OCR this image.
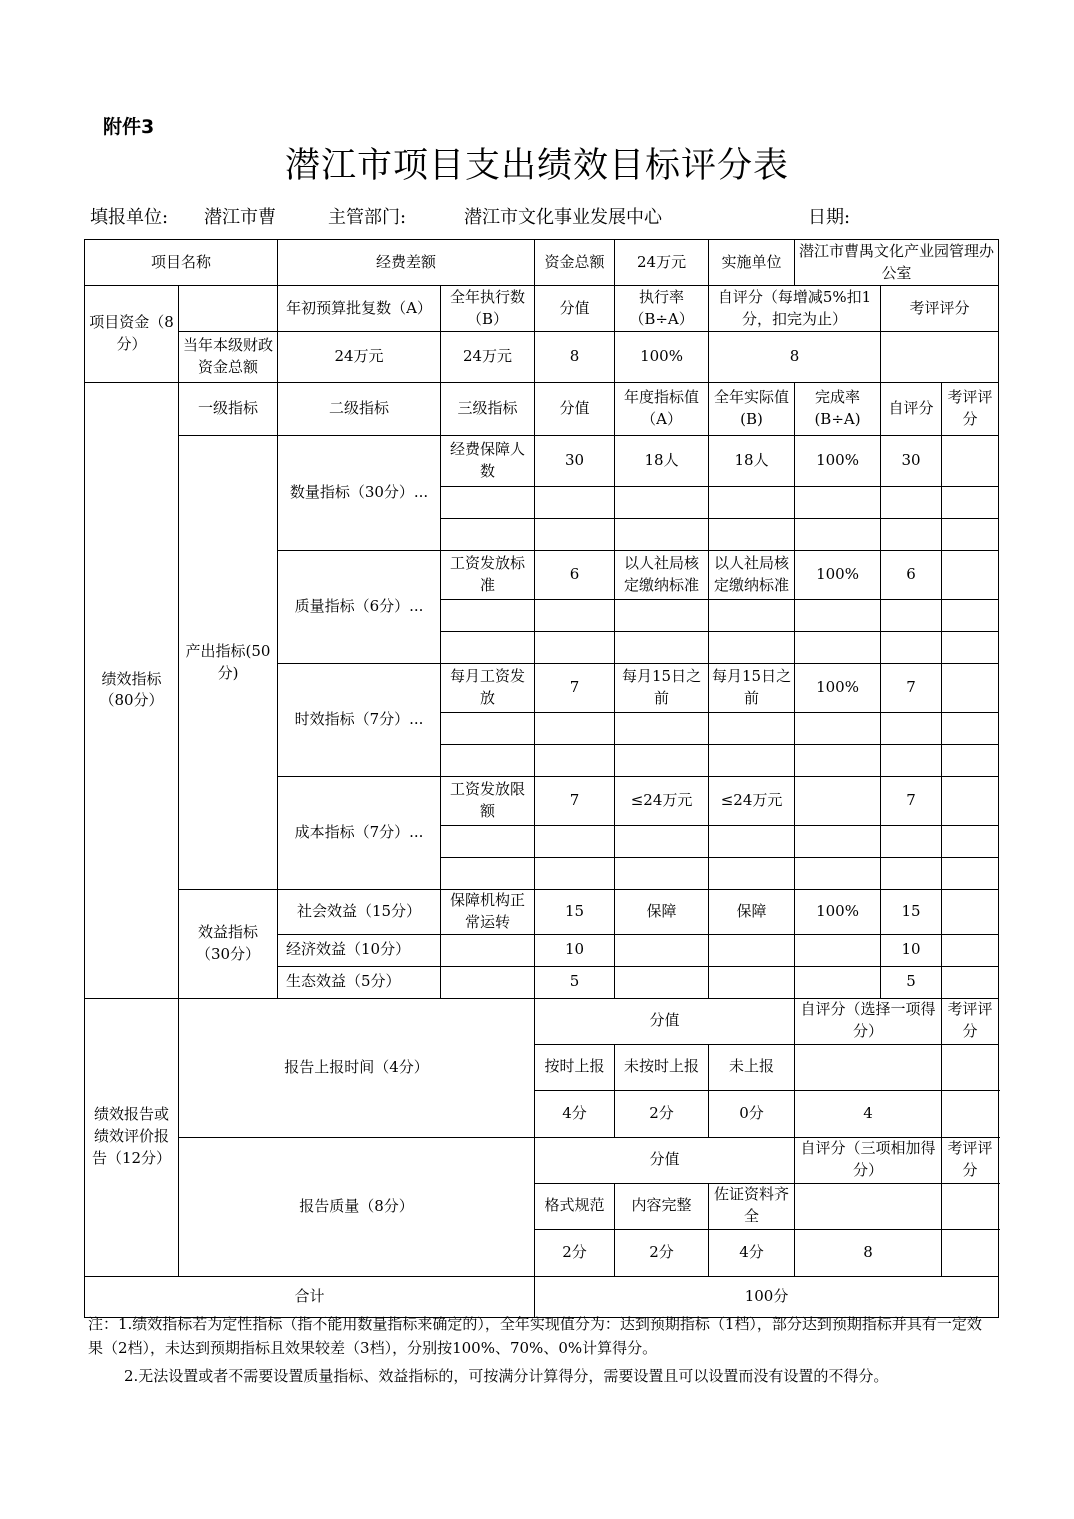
附件3
潜江市项目支出绩效目标评分表
填报单位: 潜江市曹	主管部门:	潜江市文化事业发展中心	日期:
项目名称		经费差额		资金总额	24万元	实施单位	潜江市曹禺文化产业园管理办公室			
项目资金（8分）		年初预算批复数（A）	全年执行数（B）	分值	执行率（B÷A）	自评分（每增减5%扣1分，扣完为止）		考评评分		
	当年本级财政资金总额	24万元	24万元	8	100%	8				
绩效指标（80分）	一级指标	二级指标	三级指标	分值	年度指标值（A）	全年实际值(B)	完成率(B÷A)	自评分	考评评分	
	产出指标(50分)	数量指标（30分）...	经费保障人数	30	18人	18人	100%	30		

		质量指标（6分）...	工资发放标准	6	以人社局核定缴纳标准	以人社局核定缴纳标准	100%	6		

		时效指标（7分）...	每月工资发放	7	每月15日之前	每月15日之前	100%	7		

		成本指标（7分）...	工资发放限额	7	≤24万元	≤24万元		7		

	效益指标（30分）	社会效益（15分）	保障机构正常运转	15	保障	保障	100%	15		
		经济效益（10分）		10				10		
		生态效益（5分）		5				5		
绩效报告或绩效评价报告（12分）	报告上报时间（4分）			分值			自评分（选择一项得分）		考评评分	
				按时上报	未按时上报	未上报				
				4分	2分	0分	4			
	报告质量（8分）			分值			自评分（三项相加得分）		考评评分	
				格式规范	内容完整	佐证资料齐全				
				2分	2分	4分	8			
合计				100分						

注：1.绩效指标若为定性指标（指不能用数量指标来确定的），全年实现值分为：达到预期指标（1档），部分达到预期指标并具有一定效果（2档），未达到预期指标且效果较差（3档），分别按100%、70%、0%计算得分。

2.无法设置或者不需要设置质量指标、效益指标的，可按满分计算得分，需要设置且可以设置而没有设置的不得分。
